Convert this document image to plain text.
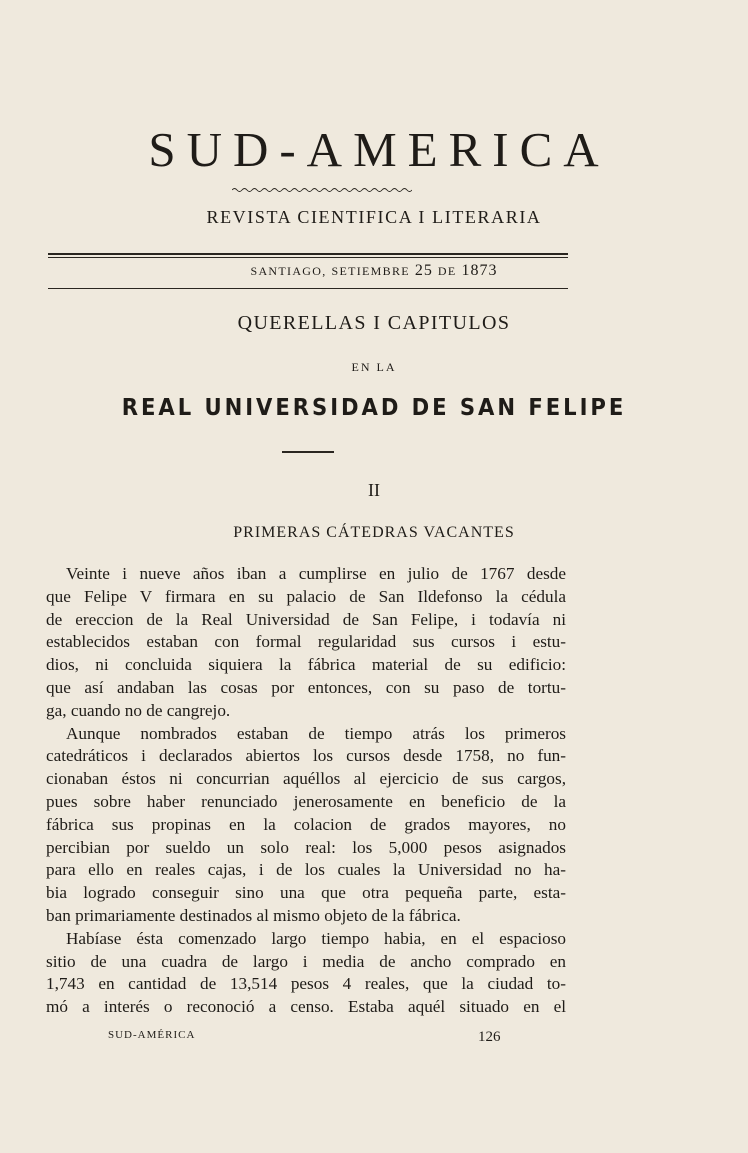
SUD-AMERICA
REVISTA CIENTIFICA I LITERARIA
SANTIAGO, SETIEMBRE 25 DE 1873
QUERELLAS I CAPITULOS
EN LA
REAL UNIVERSIDAD DE SAN FELIPE
II
PRIMERAS CÁTEDRAS VACANTES
Veinte i nueve años iban a cumplirse en julio de 1767 desde
que Felipe V firmara en su palacio de San Ildefonso la cédula
de ereccion de la Real Universidad de San Felipe, i todavía ni
establecidos estaban con formal regularidad sus cursos i estu-
dios, ni concluida siquiera la fábrica material de su edificio:
que así andaban las cosas por entonces, con su paso de tortu-
ga, cuando no de cangrejo.
Aunque nombrados estaban de tiempo atrás los primeros
catedráticos i declarados abiertos los cursos desde 1758, no fun-
cionaban éstos ni concurrian aquéllos al ejercicio de sus cargos,
pues sobre haber renunciado jenerosamente en beneficio de la
fábrica sus propinas en la colacion de grados mayores, no
percibian por sueldo un solo real: los 5,000 pesos asignados
para ello en reales cajas, i de los cuales la Universidad no ha-
bia logrado conseguir sino una que otra pequeña parte, esta-
ban primariamente destinados al mismo objeto de la fábrica.
Habíase ésta comenzado largo tiempo habia, en el espacioso
sitio de una cuadra de largo i media de ancho comprado en
1,743 en cantidad de 13,514 pesos 4 reales, que la ciudad to-
mó a interés o reconoció a censo. Estaba aquél situado en el
SUD-AMÉRICA	126
